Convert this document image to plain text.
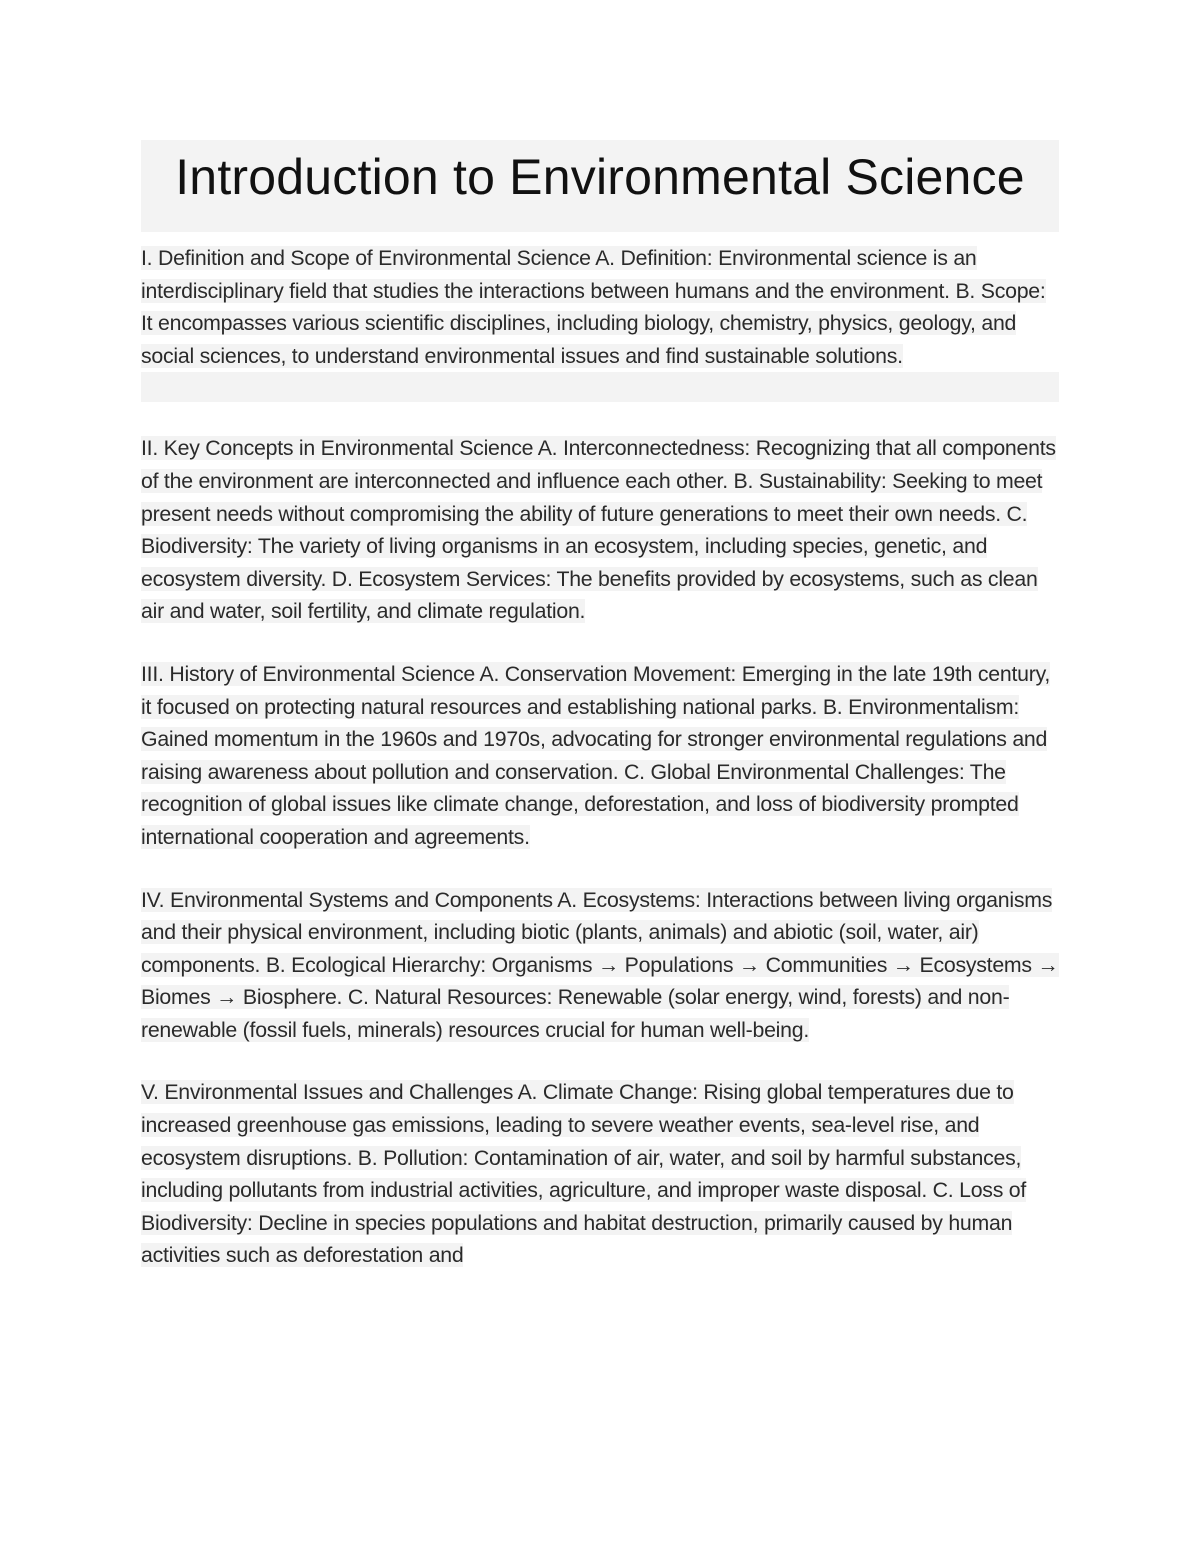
Introduction to Environmental Science

I. Definition and Scope of Environmental Science A. Definition: Environmental science is an interdisciplinary field that studies the interactions between humans and the environment. B. Scope: It encompasses various scientific disciplines, including biology, chemistry, physics, geology, and social sciences, to understand environmental issues and find sustainable solutions.

II. Key Concepts in Environmental Science A. Interconnectedness: Recognizing that all components of the environment are interconnected and influence each other. B. Sustainability: Seeking to meet present needs without compromising the ability of future generations to meet their own needs. C. Biodiversity: The variety of living organisms in an ecosystem, including species, genetic, and ecosystem diversity. D. Ecosystem Services: The benefits provided by ecosystems, such as clean air and water, soil fertility, and climate regulation.

III. History of Environmental Science A. Conservation Movement: Emerging in the late 19th century, it focused on protecting natural resources and establishing national parks. B. Environmentalism: Gained momentum in the 1960s and 1970s, advocating for stronger environmental regulations and raising awareness about pollution and conservation. C. Global Environmental Challenges: The recognition of global issues like climate change, deforestation, and loss of biodiversity prompted international cooperation and agreements.

IV. Environmental Systems and Components A. Ecosystems: Interactions between living organisms and their physical environment, including biotic (plants, animals) and abiotic (soil, water, air) components. B. Ecological Hierarchy: Organisms → Populations → Communities → Ecosystems → Biomes → Biosphere. C. Natural Resources: Renewable (solar energy, wind, forests) and non-renewable (fossil fuels, minerals) resources crucial for human well-being.

V. Environmental Issues and Challenges A. Climate Change: Rising global temperatures due to increased greenhouse gas emissions, leading to severe weather events, sea-level rise, and ecosystem disruptions. B. Pollution: Contamination of air, water, and soil by harmful substances, including pollutants from industrial activities, agriculture, and improper waste disposal. C. Loss of Biodiversity: Decline in species populations and habitat destruction, primarily caused by human activities such as deforestation and
